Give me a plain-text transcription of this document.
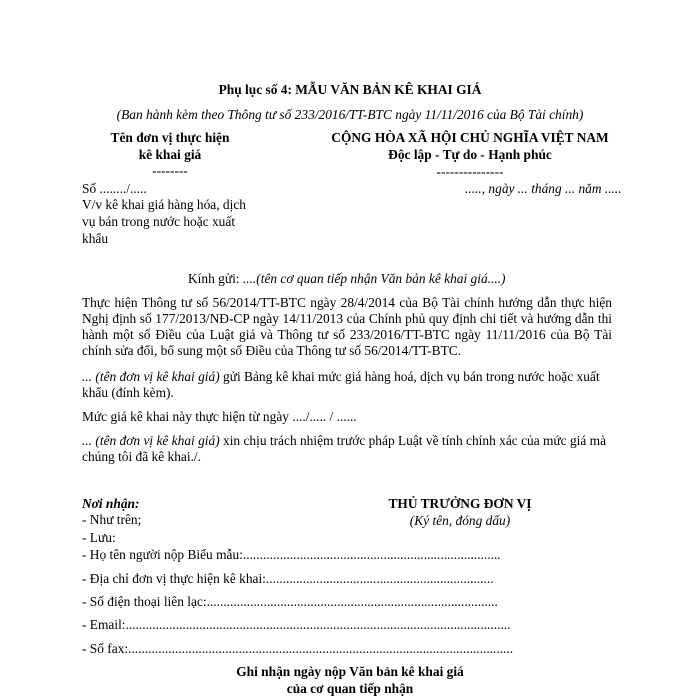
Phụ lục số 4: MẪU VĂN BẢN KÊ KHAI GIÁ
(Ban hành kèm theo Thông tư số 233/2016/TT-BTC ngày 11/11/2016 của Bộ Tài chính)
Tên đơn vị thực hiện
kê khai giá
--------
CỘNG HÒA XÃ HỘI CHỦ NGHĨA VIỆT NAM
Độc lập - Tự do - Hạnh phúc
---------------
Số ......../.....	....., ngày ... tháng ... năm .....
V/v kê khai giá hàng hóa, dịch
vụ bán trong nước hoặc xuất
khẩu
Kính gửi: ....(tên cơ quan tiếp nhận Văn bản kê khai giá....)
Thực hiện Thông tư số 56/2014/TT-BTC ngày 28/4/2014 của Bộ Tài chính hướng dẫn thực hiện Nghị định số 177/2013/NĐ-CP ngày 14/11/2013 của Chính phủ quy định chi tiết và hướng dẫn thi hành một số Điều của Luật giá và Thông tư số 233/2016/TT-BTC ngày 11/11/2016 của Bộ Tài chính sửa đổi, bổ sung một số Điều của Thông tư số 56/2014/TT-BTC.
... (tên đơn vị kê khai giá) gửi Bảng kê khai mức giá hàng hoá, dịch vụ bán trong nước hoặc xuất khẩu (đính kèm).
Mức giá kê khai này thực hiện từ ngày ..../..... / ......
... (tên đơn vị kê khai giá) xin chịu trách nhiệm trước pháp Luật về tính chính xác của mức giá mà chúng tôi đã kê khai./.
Nơi nhận:	THỦ TRƯỞNG ĐƠN VỊ
(Ký tên, đóng dấu)
- Như trên;
- Lưu:
- Họ tên người nộp Biểu mẫu:.............................................................................
- Địa chỉ đơn vị thực hiện kê khai:....................................................................
- Số điện thoại liên lạc:.......................................................................................
- Email:...................................................................................................................
- Số fax:...................................................................................................................
Ghi nhận ngày nộp Văn bản kê khai giá
của cơ quan tiếp nhận
